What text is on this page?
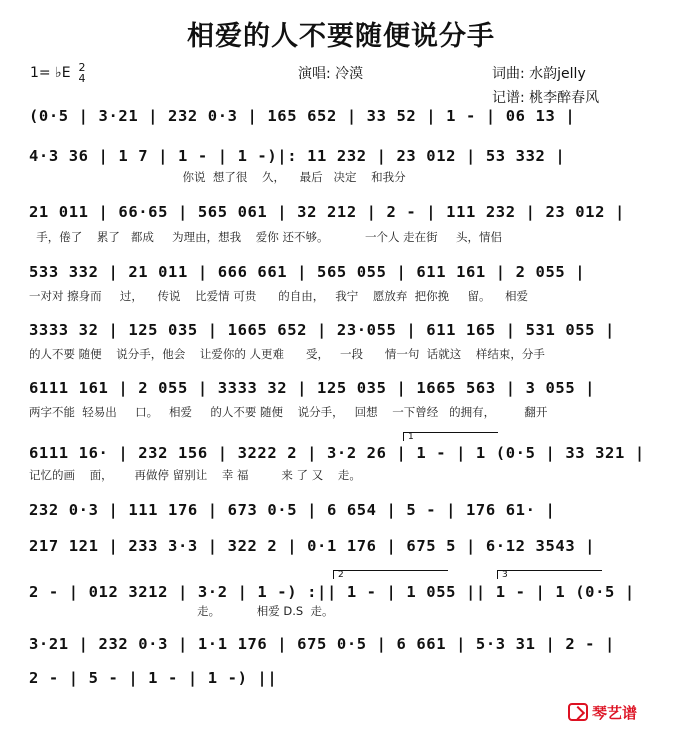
相爱的人不要随便说分手
1= ♭E 2
4	演唱: 冷漠	词曲: 水韵jelly
记谱: 桃李醉春风
(0·5 | 3·21 | 232 0·3 | 165 652 | 33 52 | 1 - | 06 13 |
4·3 36 | 1 7 | 1 - | 1 -)|: 11 232 | 23 012 | 53 332 |
你说  想了很    久，    最后   决定    和我分
21 011 | 66·65 | 565 061 | 32 212 | 2 - | 111 232 | 23 012 |
手，倦了    累了   都成     为理由，想我    爱你 还不够。          一个人 走在街     头，情侣
533 332 | 21 011 | 666 661 | 565 055 | 611 161 | 2 055 |
一对对 擦身而     过，    传说    比爱情 可贵      的自由，   我宁    愿放弃  把你挽     留。    相爱
3333 32 | 125 035 | 1665 652 | 23·055 | 611 165 | 531 055 |
的人不要 随便    说分手，他会    让爱你的 人更难      受，   一段      情一句  话就这    样结束，分手
6111 161 | 2 055 | 3333 32 | 125 035 | 1665 563 | 3 055 |
两字不能  轻易出     口。   相爱     的人不要 随便    说分手，   回想    一下曾经   的拥有，        翻开
1
6111 16· | 232 156 | 3222 2 | 3·2 26 | 1 - | 1 (0·5 | 33 321 |
记忆的画    面，      再做停 留别让    幸 福         来 了 又    走。
232 0·3 | 111 176 | 673 0·5 | 6 654 | 5 - | 176 61· |
217 121 | 233 3·3 | 322 2 | 0·1 176 | 675 5 | 6·12 3543 |
2	3
2 - | 012 3212 | 3·2 | 1 -) :|| 1 - | 1 055 || 1 - | 1 (0·5 |
走。          相爱 D.S  走。
3·21 | 232 0·3 | 1·1 176 | 675 0·5 | 6 661 | 5·3 31 | 2 - |
2 - | 5 - | 1 - | 1 -) ||
琴艺谱
